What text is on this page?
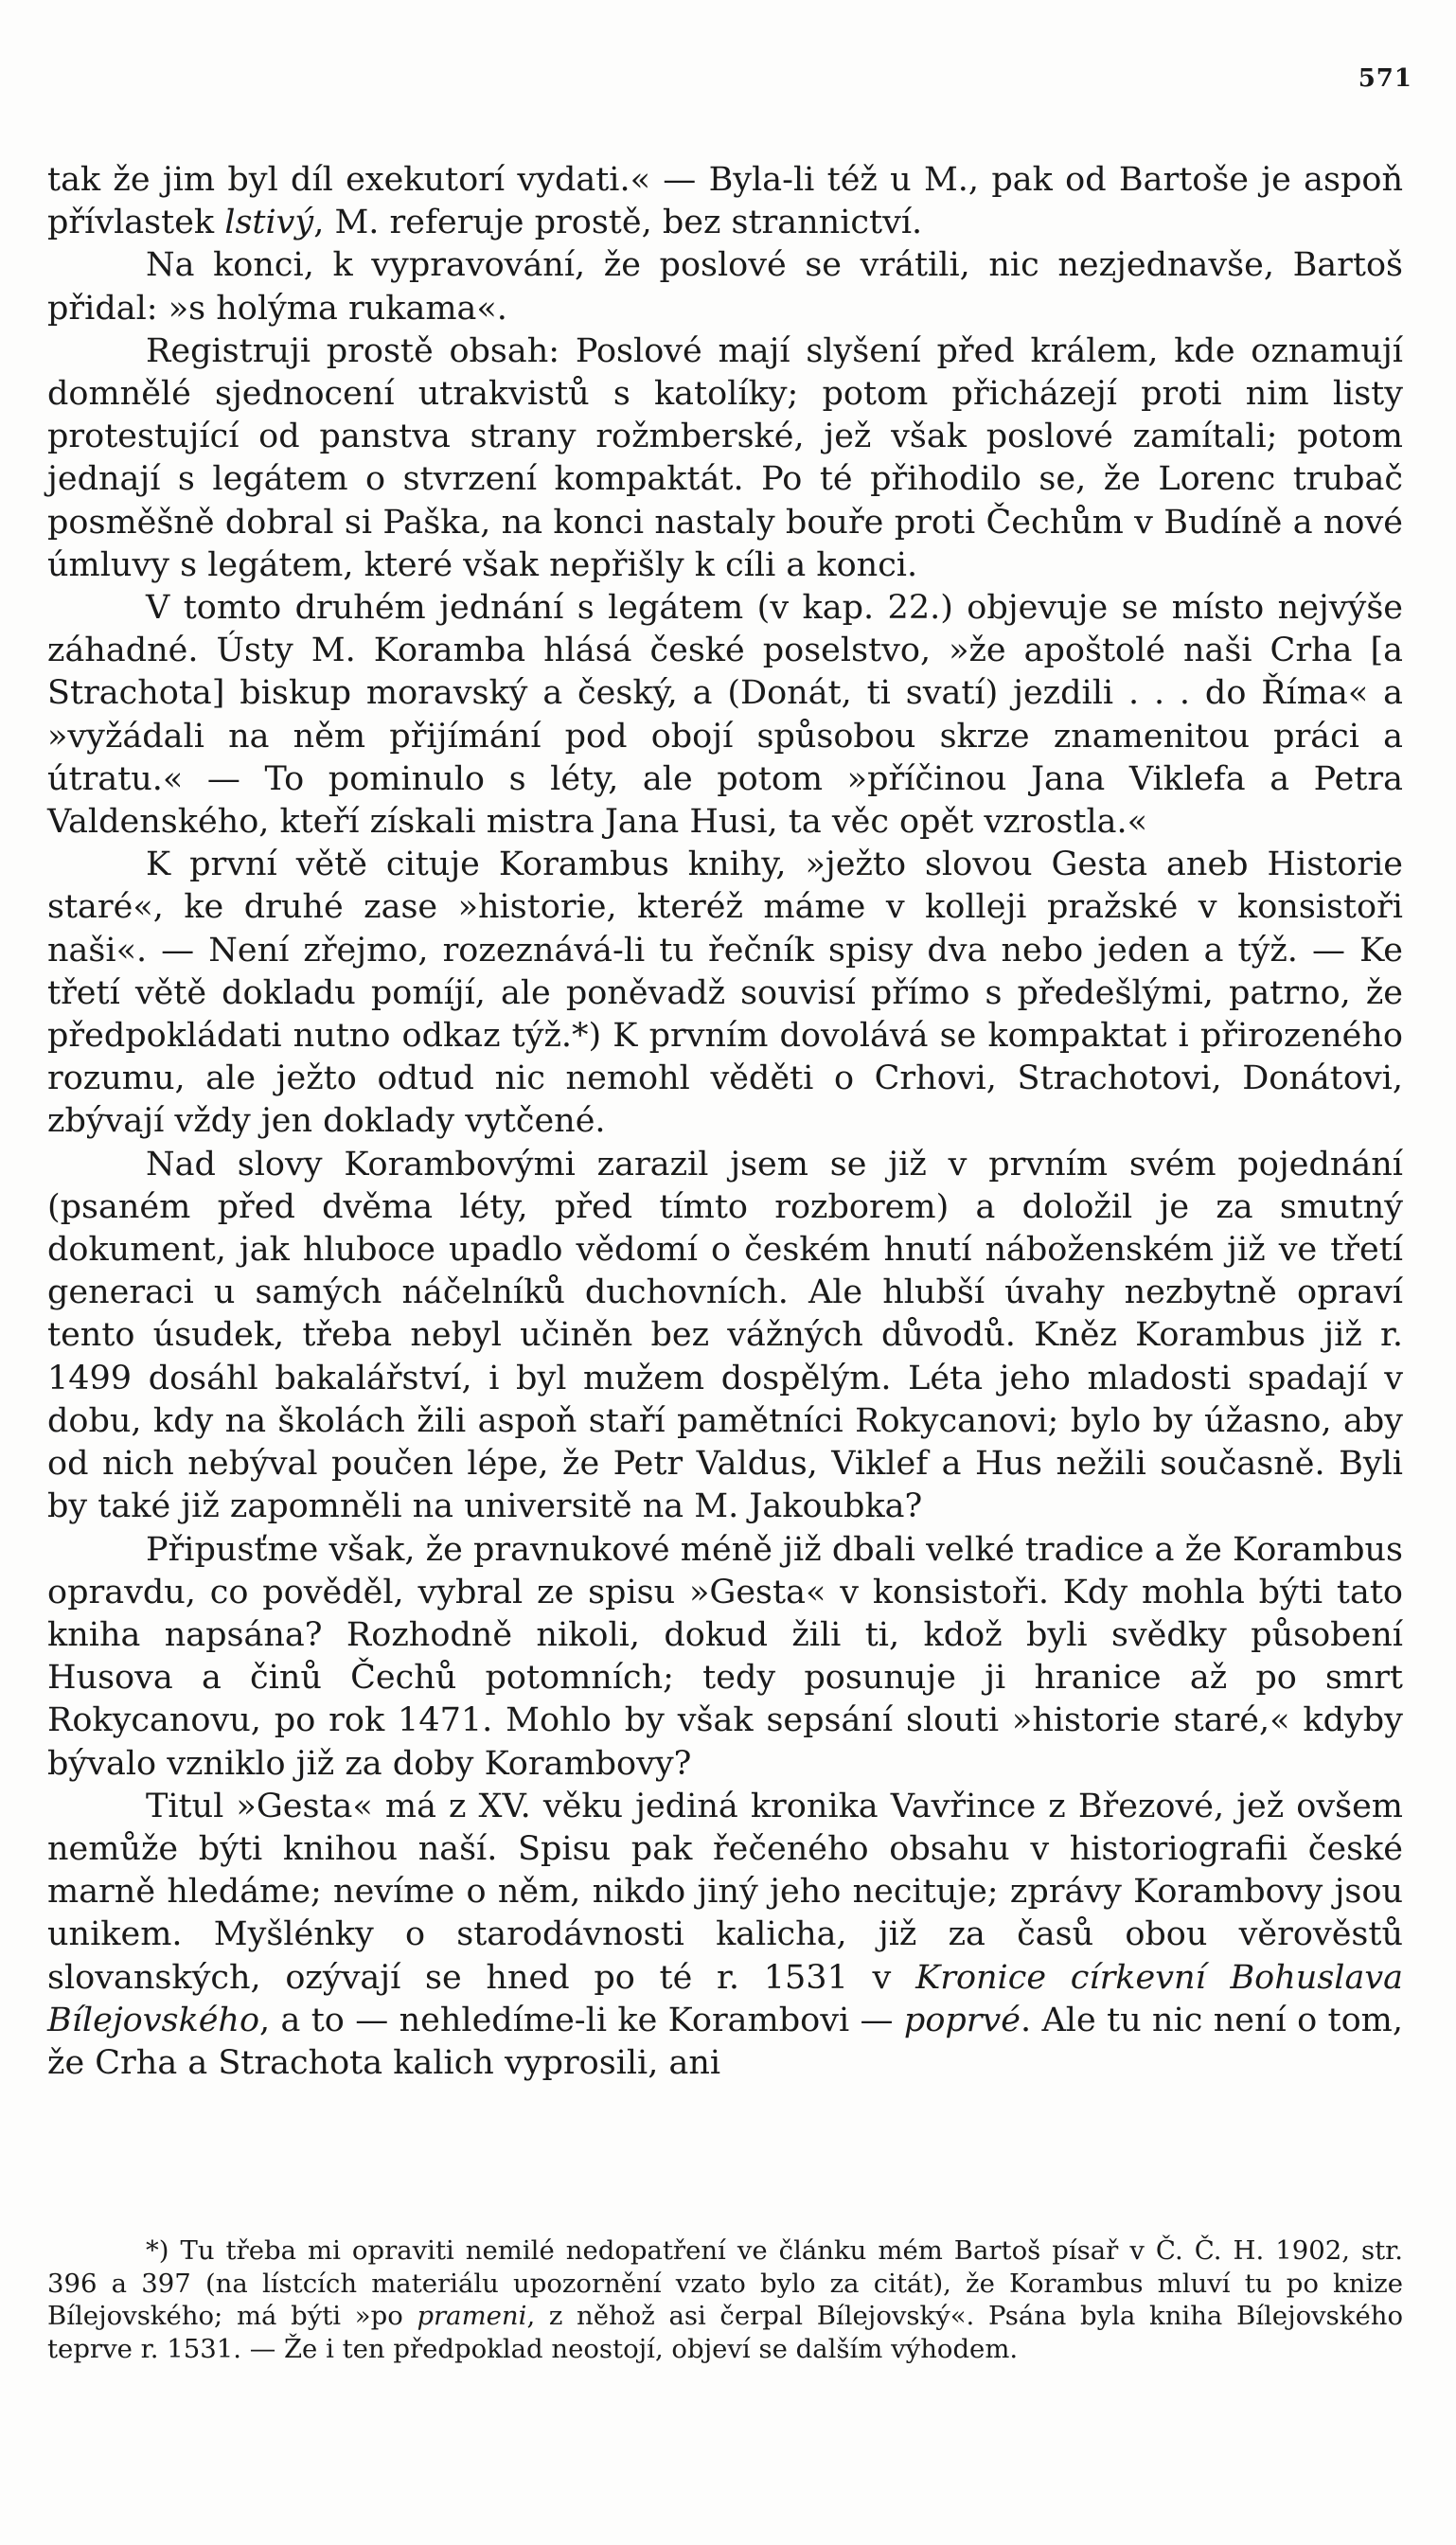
571

tak že jim byl díl exekutorí vydati.« — Byla-li též u M., pak od Bartoše je aspoň přívlastek lstivý, M. referuje prostě, bez strannictví.

Na konci, k vypravování, že poslové se vrátili, nic nezjednavše, Bartoš přidal: »s holýma rukama«.

Registruji prostě obsah: Poslové mají slyšení před králem, kde oznamují domnělé sjednocení utrakvistů s katolíky; potom přicházejí proti nim listy protestující od panstva strany rožmberské, jež však poslové zamítali; potom jednají s legátem o stvrzení kompaktát. Po té přihodilo se, že Lorenc trubač posměšně dobral si Paška, na konci nastaly bouře proti Čechům v Budíně a nové úmluvy s legátem, které však nepřišly k cíli a konci.

V tomto druhém jednání s legátem (v kap. 22.) objevuje se místo nejvýše záhadné. Ústy M. Koramba hlásá české poselstvo, »že apoštolé naši Crha [a Strachota] biskup moravský a český, a (Donát, ti svatí) jezdili . . . do Říma« a »vyžádali na něm přijímání pod obojí spůsobou skrze znamenitou práci a útratu.« — To pominulo s léty, ale potom »příčinou Jana Viklefa a Petra Valdenského, kteří získali mistra Jana Husi, ta věc opět vzrostla.«

K první větě cituje Korambus knihy, »ježto slovou Gesta aneb Historie staré«, ke druhé zase »historie, kteréž máme v kolleji pražské v konsistoři naši«. — Není zřejmo, rozeznává-li tu řečník spisy dva nebo jeden a týž. — Ke třetí větě dokladu pomíjí, ale poněvadž souvisí přímo s předešlými, patrno, že předpokládati nutno odkaz týž.*) K prvním dovolává se kompaktat i přirozeného rozumu, ale ježto odtud nic nemohl věděti o Crhovi, Strachotovi, Donátovi, zbývají vždy jen doklady vytčené.

Nad slovy Korambovými zarazil jsem se již v prvním svém pojednání (psaném před dvěma léty, před tímto rozborem) a doložil je za smutný dokument, jak hluboce upadlo vědomí o českém hnutí náboženském již ve třetí generaci u samých náčelníků duchovních. Ale hlubší úvahy nezbytně opraví tento úsudek, třeba nebyl učiněn bez vážných důvodů. Kněz Korambus již r. 1499 dosáhl bakalářství, i byl mužem dospělým. Léta jeho mladosti spadají v dobu, kdy na školách žili aspoň staří pamětníci Rokycanovi; bylo by úžasno, aby od nich nebýval poučen lépe, že Petr Valdus, Viklef a Hus nežili současně. Byli by také již zapomněli na universitě na M. Jakoubka?

Připusťme však, že pravnukové méně již dbali velké tradice a že Korambus opravdu, co pověděl, vybral ze spisu »Gesta« v konsistoři. Kdy mohla býti tato kniha napsána? Rozhodně nikoli, dokud žili ti, kdož byli svědky působení Husova a činů Čechů potomních; tedy posunuje ji hranice až po smrt Rokycanovu, po rok 1471. Mohlo by však sepsání slouti »historie staré,« kdyby bývalo vzniklo již za doby Korambovy?

Titul »Gesta« má z XV. věku jediná kronika Vavřince z Březové, jež ovšem nemůže býti knihou naší. Spisu pak řečeného obsahu v historiografii české marně hledáme; nevíme o něm, nikdo jiný jeho necituje; zprávy Korambovy jsou unikem. Myšlénky o starodávnosti kalicha, již za časů obou věrověstů slovanských, ozývají se hned po té r. 1531 v Kronice církevní Bohuslava Bílejovského, a to — nehledíme-li ke Korambovi — poprvé. Ale tu nic není o tom, že Crha a Strachota kalich vyprosili, ani

*) Tu třeba mi opraviti nemilé nedopatření ve článku mém Bartoš písař v Č. Č. H. 1902, str. 396 a 397 (na lístcích materiálu upozornění vzato bylo za citát), že Korambus mluví tu po knize Bílejovského; má býti »po prameni, z něhož asi čerpal Bílejovský«. Psána byla kniha Bílejovského teprve r. 1531. — Že i ten předpoklad neostojí, objeví se dalším výhodem.
